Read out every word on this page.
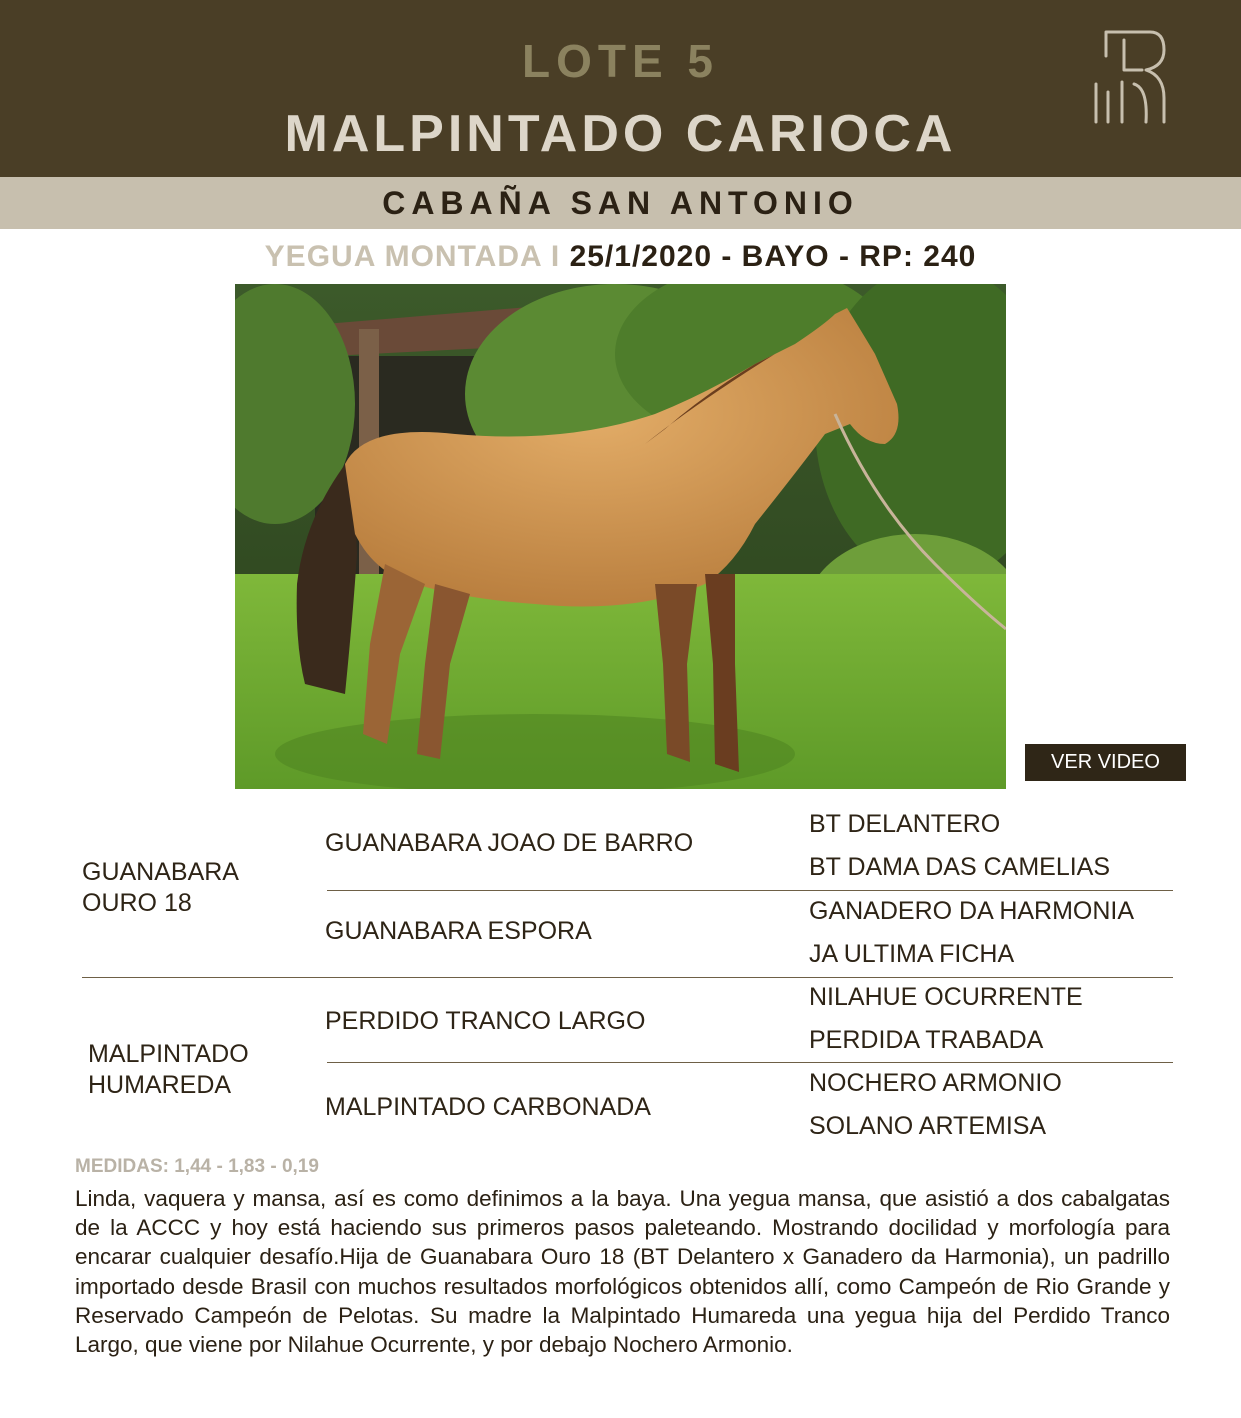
LOTE 5
MALPINTADO CARIOCA
CABAÑA SAN ANTONIO
YEGUA MONTADA I 25/1/2020 - BAYO - RP: 240
VER VIDEO
GUANABARA
OURO 18
MALPINTADO
HUMAREDA
GUANABARA JOAO DE BARRO
GUANABARA ESPORA
PERDIDO TRANCO LARGO
MALPINTADO CARBONADA
BT DELANTERO
BT DAMA DAS CAMELIAS
GANADERO DA HARMONIA
JA ULTIMA FICHA
NILAHUE OCURRENTE
PERDIDA TRABADA
NOCHERO ARMONIO
SOLANO ARTEMISA
MEDIDAS: 1,44 - 1,83 - 0,19
Linda, vaquera y mansa, así es como definimos a la baya. Una yegua mansa, que asistió a dos cabalgatas de la ACCC y hoy está haciendo sus primeros pasos paleteando. Mostrando docilidad y morfología para encarar cualquier desafío.Hija de Guanabara Ouro 18 (BT Delantero x Ganadero da Harmonia), un padrillo importado desde Brasil con muchos resultados morfológicos obtenidos allí, como Campeón de Rio Grande y Reservado Campeón de Pelotas. Su madre la Malpintado Humareda una yegua hija del Perdido Tranco Largo, que viene por Nilahue Ocurrente, y por debajo Nochero Armonio.
